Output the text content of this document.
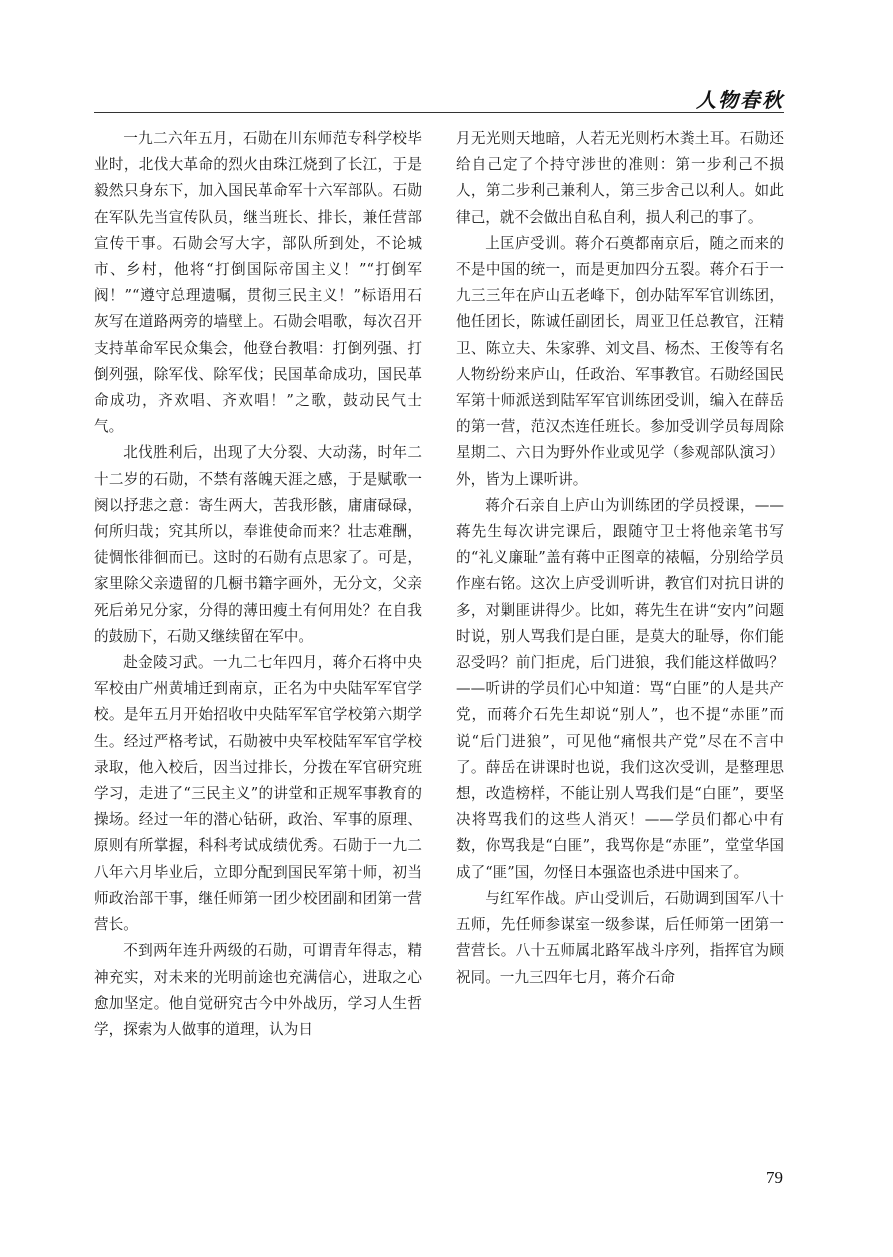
人物春秋

一九二六年五月，石勋在川东师范专科学校毕业时，北伐大革命的烈火由珠江烧到了长江，于是毅然只身东下，加入国民革命军十六军部队。石勋在军队先当宣传队员，继当班长、排长，兼任营部宣传干事。石勋会写大字，部队所到处，不论城市、乡村，他将“打倒国际帝国主义！”“打倒军阀！”“遵守总理遗嘱，贯彻三民主义！”标语用石灰写在道路两旁的墙壁上。石勋会唱歌，每次召开支持革命军民众集会，他登台教唱：打倒列强、打倒列强，除军伐、除军伐；民国革命成功，国民革命成功，齐欢唱、齐欢唱！”之歌，鼓动民气士气。

北伐胜利后，出现了大分裂、大动荡，时年二十二岁的石勋，不禁有落魄天涯之感，于是赋歌一阕以抒悲之意：寄生两大，苦我形骸，庸庸碌碌，何所归哉；究其所以，奉谁使命而来？壮志难酬，徒惆怅徘徊而已。这时的石勋有点思家了。可是，家里除父亲遗留的几橱书籍字画外，无分文，父亲死后弟兄分家，分得的薄田瘦土有何用处？在自我的鼓励下，石勋又继续留在军中。

赴金陵习武。一九二七年四月，蒋介石将中央军校由广州黄埔迁到南京，正名为中央陆军军官学校。是年五月开始招收中央陆军军官学校第六期学生。经过严格考试，石勋被中央军校陆军军官学校录取，他入校后，因当过排长，分拨在军官研究班学习，走进了“三民主义”的讲堂和正规军事教育的操场。经过一年的潜心钻研，政治、军事的原理、原则有所掌握，科科考试成绩优秀。石勋于一九二八年六月毕业后，立即分配到国民军第十师，初当师政治部干事，继任师第一团少校团副和团第一营营长。

不到两年连升两级的石勋，可谓青年得志，精神充实，对未来的光明前途也充满信心，进取之心愈加坚定。他自觉研究古今中外战历，学习人生哲学，探索为人做事的道理，认为日

月无光则天地暗，人若无光则朽木粪土耳。石勋还给自己定了个持守涉世的准则：第一步利己不损人，第二步利己兼利人，第三步舍己以利人。如此律己，就不会做出自私自利，损人利己的事了。

上匡庐受训。蒋介石奠都南京后，随之而来的不是中国的统一，而是更加四分五裂。蒋介石于一九三三年在庐山五老峰下，创办陆军军官训练团，他任团长，陈诚任副团长，周亚卫任总教官，汪精卫、陈立夫、朱家骅、刘文昌、杨杰、王俊等有名人物纷纷来庐山，任政治、军事教官。石勋经国民军第十师派送到陆军军官训练团受训，编入在薛岳的第一营，范汉杰连任班长。参加受训学员每周除星期二、六日为野外作业或见学（参观部队演习）外，皆为上课听讲。

蒋介石亲自上庐山为训练团的学员授课，——蒋先生每次讲完课后，跟随守卫士将他亲笔书写的“礼义廉耻”盖有蒋中正图章的裱幅，分别给学员作座右铭。这次上庐受训听讲，教官们对抗日讲的多，对剿匪讲得少。比如，蒋先生在讲“安内”问题时说，别人骂我们是白匪，是莫大的耻辱，你们能忍受吗？前门拒虎，后门进狼，我们能这样做吗？——听讲的学员们心中知道：骂“白匪”的人是共产党，而蒋介石先生却说“别人”，也不提“赤匪”而说“后门进狼”，可见他“痛恨共产党”尽在不言中了。薛岳在讲课时也说，我们这次受训，是整理思想，改造榜样，不能让别人骂我们是“白匪”，要坚决将骂我们的这些人消灭！——学员们都心中有数，你骂我是“白匪”，我骂你是“赤匪”，堂堂华国成了“匪”国，勿怪日本强盗也杀进中国来了。

与红军作战。庐山受训后，石勋调到国军八十五师，先任师参谋室一级参谋，后任师第一团第一营营长。八十五师属北路军战斗序列，指挥官为顾祝同。一九三四年七月，蒋介石命

79
